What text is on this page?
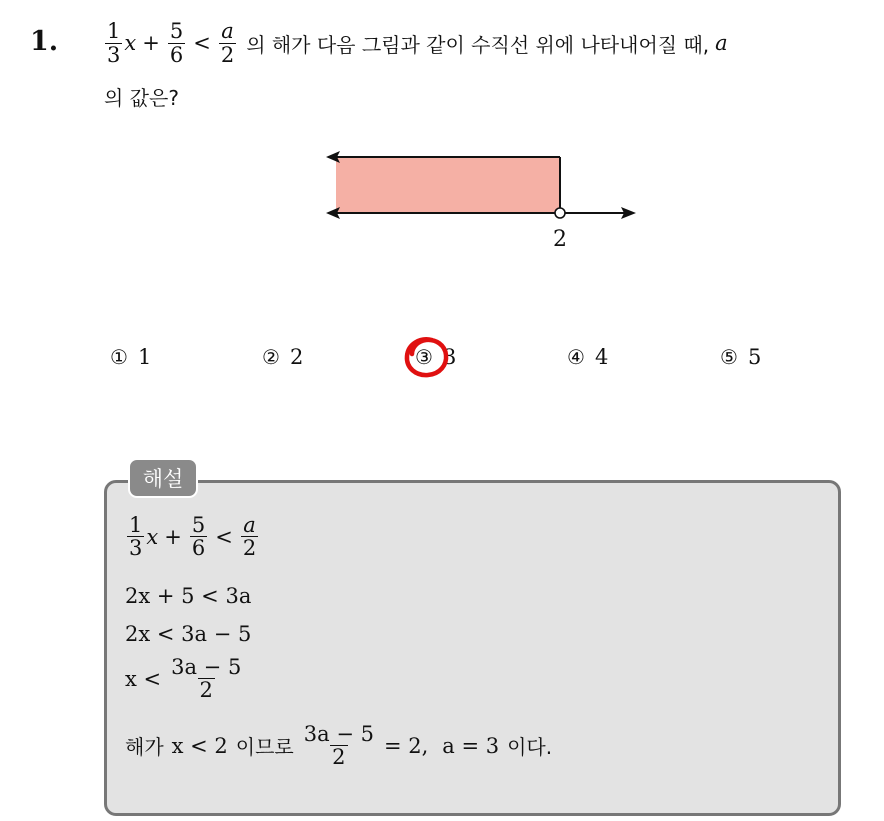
1. $\frac{1}{3}$ $x + \frac{5}{6} < \frac{a}{2}$ 의 해가 다음 그림과 같이 수직선 위에 나타내어질 때, a
의 값은?
2
① 1	② 2	③ 3	④ 4	⑤ 5
해설
$\frac{1}{3}$ $x + \frac{5}{6} < \frac{a}{2}$
2x + 5 < 3a
2x < 3a − 5
$x < \frac{3a - 5}{2}$
해가 x < 2 이므로 $\frac{3a - 5}{2} = 2$, a = 3 이다.
